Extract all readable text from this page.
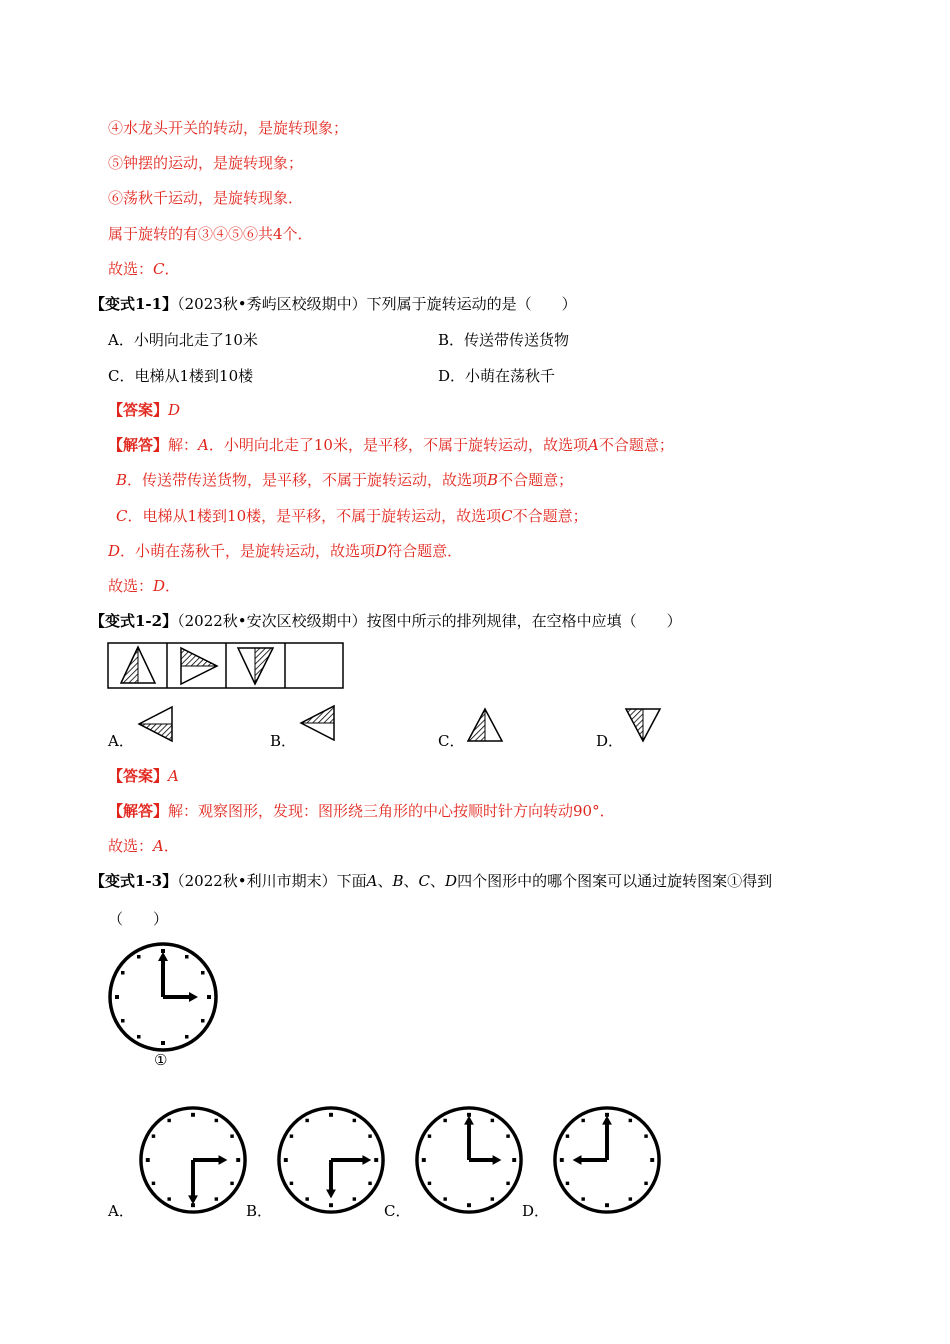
④水龙头开关的转动，是旋转现象；
⑤钟摆的运动，是旋转现象；
⑥荡秋千运动，是旋转现象．
属于旋转的有③④⑤⑥共4个．
故选：C．
【变式1-1】（2023秋•秀屿区校级期中）下列属于旋转运动的是（　　）
A．小明向北走了10米	B．传送带传送货物
C．电梯从1楼到10楼	D．小萌在荡秋千
【答案】D
【解答】解：A．小明向北走了10米，是平移，不属于旋转运动，故选项A不合题意；
B．传送带传送货物，是平移，不属于旋转运动，故选项B不合题意；
C．电梯从1楼到10楼，是平移，不属于旋转运动，故选项C不合题意；
D．小萌在荡秋千，是旋转运动，故选项D符合题意．
故选：D．
【变式1-2】（2022秋•安次区校级期中）按图中所示的排列规律，在空格中应填（　　）
A．	B．	C．	D．
【答案】A
【解答】解：观察图形，发现：图形绕三角形的中心按顺时针方向转动90°．
故选：A．
【变式1-3】（2022秋•利川市期末）下面A、B、C、D四个图形中的哪个图案可以通过旋转图案①得到
（　　）
①
A．	B．	C．	D．
